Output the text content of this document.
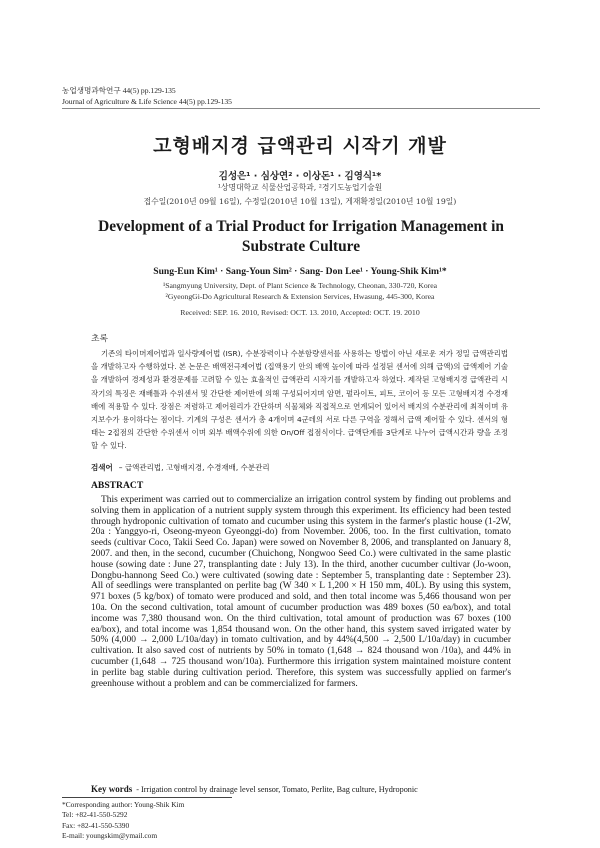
농업생명과학연구 44(5) pp.129-135
Journal of Agriculture & Life Science 44(5) pp.129-135
고형배지경 급액관리 시작기 개발
김성은¹ · 심상연² · 이상돈¹ · 김영식¹*
¹상명대학교 식물산업공학과, ²경기도농업기술원
접수일(2010년 09월 16일), 수정일(2010년 10월 13일), 게재확정일(2010년 10월 19일)
Development of a Trial Product for Irrigation Management in Substrate Culture
Sung-Eun Kim¹ · Sang-Youn Sim² · Sang- Don Lee¹ · Young-Shik Kim¹*
¹Sangmyung University, Dept. of Plant Science & Technology, Cheonan, 330-720, Korea
²GyeongGi-Do Agricultural Research & Extension Services, Hwasung, 445-300, Korea
Received: SEP. 16. 2010, Revised: OCT. 13. 2010, Accepted: OCT. 19. 2010
초록
기존의 타이머제어법과 일사량제어법 (ISR), 수분장력이나 수분함량센서를 사용하는 방법이 아닌 새로운 저가 정밀 급액관리법을 개발하고자 수행하였다. 본 논문은 배액전극제어법 (집액용기 안의 배액 높이에 따라 설정된 센서에 의해 급액)의 급액제어 기술을 개발하여 경제성과 환경문제를 고려할 수 있는 효율적인 급액관리 시작기를 개발하고자 하였다. 제작된 고형배지경 급액관리 시작기의 특징은 재배틀과 수위센서 및 간단한 제어반에 의해 구성되어지며 암면, 펄라이트, 피트, 코이어 등 모든 고형배지경 수경재배에 적용할 수 있다. 장점은 저렴하고 제어원리가 간단하며 식물체와 직접적으로 연계되어 있어서 배지의 수분관리에 최적이며 유지보수가 용이하다는 점이다. 기계의 구성은 센서가 총 4개이며 4군데의 서로 다른 구역을 정해서 급액 제어할 수 있다. 센서의 형태는 2접점의 간단한 수위센서 이며 외부 배액수위에 의한 On/Off 접점식이다. 급액단계를 3단계로 나누어 급액시간과 량을 조정할 수 있다.
검색어 – 급액관리법, 고형배지경, 수경재배, 수분관리
ABSTRACT
This experiment was carried out to commercialize an irrigation control system by finding out problems and solving them in application of a nutrient supply system through this experiment. Its efficiency had been tested through hydroponic cultivation of tomato and cucumber using this system in the farmer's plastic house (1-2W, 20a : Yanggyo-ri, Oseong-myeon Gyeonggi-do) from November. 2006, too. In the first cultivation, tomato seeds (cultivar Coco, Takii Seed Co. Japan) were sowed on November 8, 2006, and transplanted on January 8, 2007. and then, in the second, cucumber (Chuichong, Nongwoo Seed Co.) were cultivated in the same plastic house (sowing date : June 27, transplanting date : July 13). In the third, another cucumber cultivar (Jo-woon, Dongbu-hannong Seed Co.) were cultivated (sowing date : September 5, transplanting date : September 23). All of seedlings were transplanted on perlite bag (W 340 × L 1,200 × H 150 mm, 40L). By using this system, 971 boxes (5 kg/box) of tomato were produced and sold, and then total income was 5,466 thousand won per 10a. On the second cultivation, total amount of cucumber production was 489 boxes (50 ea/box), and total income was 7,380 thousand won. On the third cultivation, total amount of production was 67 boxes (100 ea/box), and total income was 1,854 thousand won. On the other hand, this system saved irrigated water by 50% (4,000 → 2,000 L/10a/day) in tomato cultivation, and by 44%(4,500 → 2,500 L/10a/day) in cucumber cultivation. It also saved cost of nutrients by 50% in tomato (1,648 → 824 thousand won /10a), and 44% in cucumber (1,648 → 725 thousand won/10a). Furthermore this irrigation system maintained moisture content in perlite bag stable during cultivation period. Therefore, this system was successfully applied on farmer's greenhouse without a problem and can be commercialized for farmers.
Key words - Irrigation control by drainage level sensor, Tomato, Perlite, Bag culture, Hydroponic
*Corresponding author: Young-Shik Kim
Tel: +82-41-550-5292
Fax: +82-41-550-5390
E-mail: youngskim@ymail.com
